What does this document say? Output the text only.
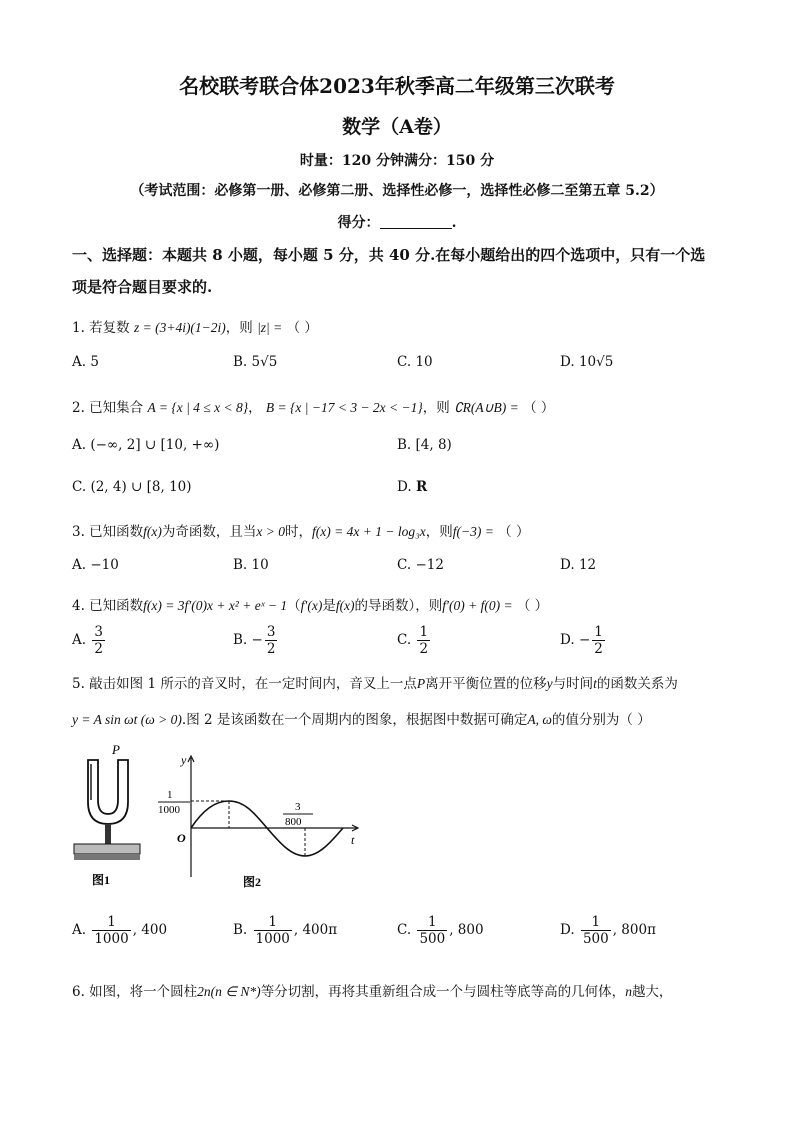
名校联考联合体2023年秋季高二年级第三次联考
数学（A卷）
时量：120 分钟满分：150 分
（考试范围：必修第一册、必修第二册、选择性必修一，选择性必修二至第五章 5.2）
得分：	.
一、选择题：本题共 8 小题，每小题 5 分，共 40 分.在每小题给出的四个选项中，只有一个选
项是符合题目要求的.
1. 若复数 z = (3+4i)(1−2i)，则 |z| = （ ）
A. 5	B. 5√5	C. 10	D. 10√5
2. 已知集合 A = {x | 4 ≤ x < 8}， B = {x | −17 < 3 − 2x < −1}，则 ∁R(A∪B) = （ ）
A. (−∞, 2] ∪ [10, +∞)	B. [4, 8)
C. (2, 4) ∪ [8, 10)	D. R
3. 已知函数f(x)为奇函数，且当x > 0时，f(x) = 4x + 1 − log₃x，则f(−3) = （ ）
A. −10	B. 10	C. −12	D. 12
4. 已知函数f(x) = 3f′(0)x + x² + eˣ − 1（f′(x)是f(x)的导函数），则f′(0) + f(0) = （ ）
A. $\frac{3}{2}$	B. − $\frac{3}{2}$	C. $\frac{1}{2}$	D. − $\frac{1}{2}$
5. 敲击如图 1 所示的音叉时，在一定时间内，音叉上一点P离开平衡位置的位移y与时间t的函数关系为
y = A sin ωt (ω > 0).图 2 是该函数在一个周期内的图象，根据图中数据可确定A, ω的值分别为（ ）
P
图1
y
t
O
1
1000	3
800
图2
A. $\frac{1}{1000}$ , 400	B. $\frac{1}{1000}$ , 400π	C. $\frac{1}{500}$ , 800	D. $\frac{1}{500}$ , 800π
6. 如图，将一个圆柱2n(n ∈ N*)等分切割，再将其重新组合成一个与圆柱等底等高的几何体，n越大，
